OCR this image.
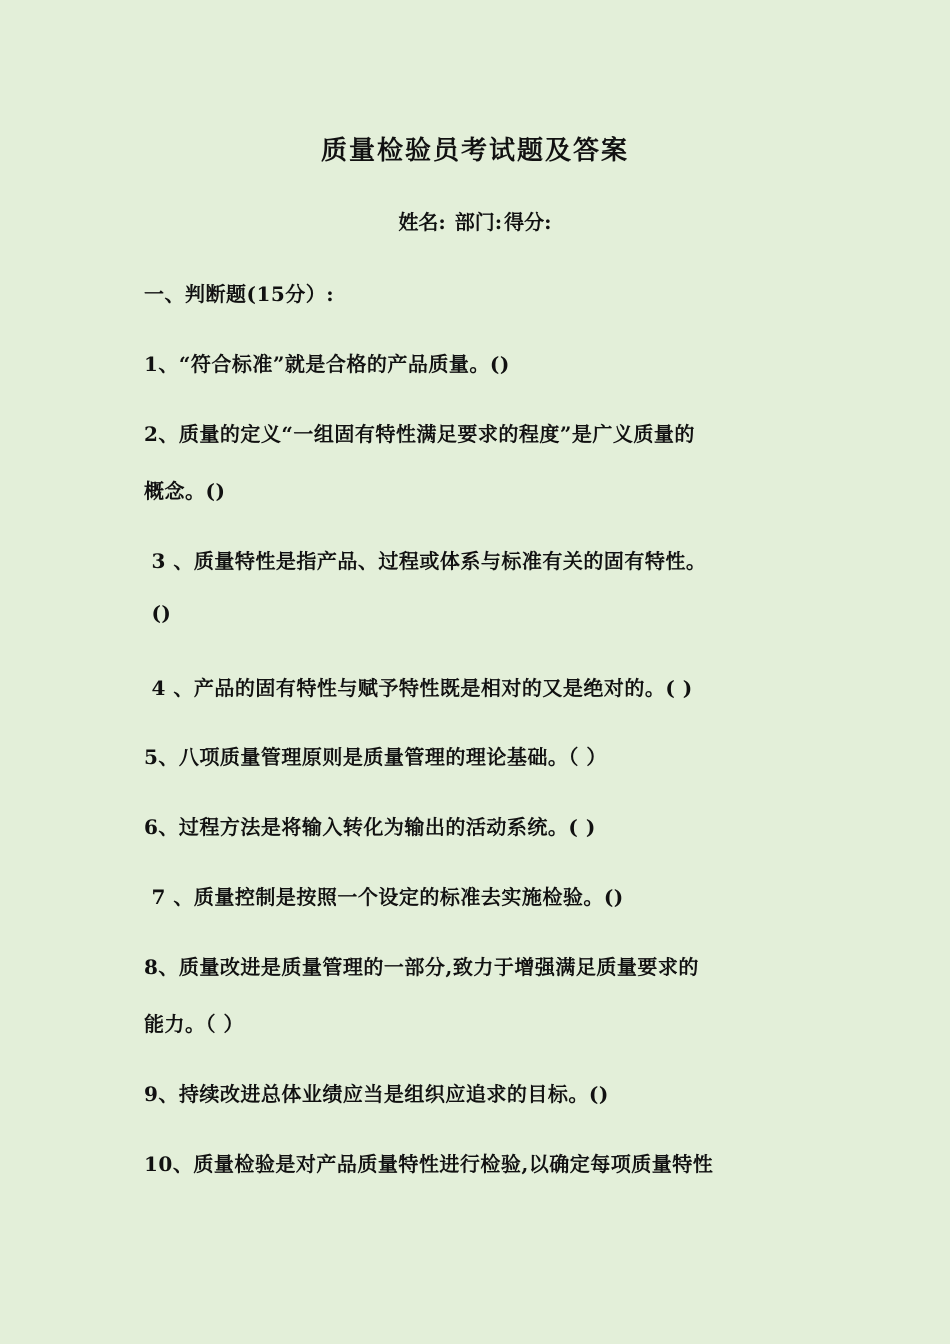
质量检验员考试题及答案
姓名: 部门: 得分:
一、判断题(15分）:
1、“符合标准”就是合格的产品质量。()
2、质量的定义“一组固有特性满足要求的程度”是广义质量的
概念。()
3 、质量特性是指产品、过程或体系与标准有关的固有特性。
()
4 、产品的固有特性与赋予特性既是相对的又是绝对的。( )
5、八项质量管理原则是质量管理的理论基础。（ ）
6、过程方法是将输入转化为输出的活动系统。( )
7 、质量控制是按照一个设定的标准去实施检验。()
8、质量改进是质量管理的一部分,致力于增强满足质量要求的
能力。（ ）
9、持续改进总体业绩应当是组织应追求的目标。()
10、质量检验是对产品质量特性进行检验,以确定每项质量特性
